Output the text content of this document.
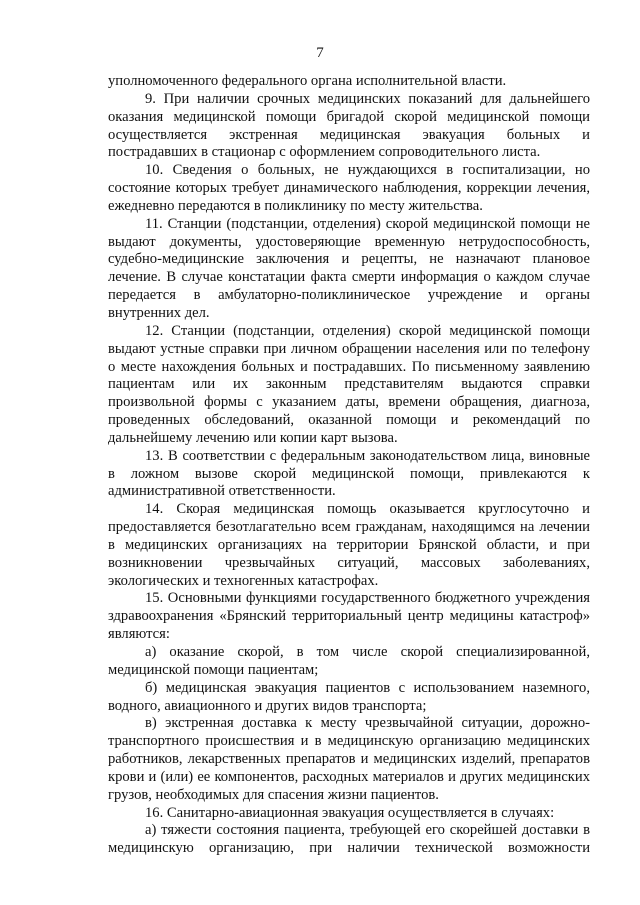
7

уполномоченного федерального органа исполнительной власти.

9. При наличии срочных медицинских показаний для дальнейшего оказания медицинской помощи бригадой скорой медицинской помощи осуществляется экстренная медицинская эвакуация больных и пострадавших в стационар с оформлением сопроводительного листа.

10. Сведения о больных, не нуждающихся в госпитализации, но состояние которых требует динамического наблюдения, коррекции лечения, ежедневно передаются в поликлинику по месту жительства.

11. Станции (подстанции, отделения) скорой медицинской помощи не выдают документы, удостоверяющие временную нетрудоспособность, судебно-медицинские заключения и рецепты, не назначают плановое лечение. В случае констатации факта смерти информация о каждом случае передается в амбулаторно-поликлиническое учреждение и органы внутренних дел.

12. Станции (подстанции, отделения) скорой медицинской помощи выдают устные справки при личном обращении населения или по телефону о месте нахождения больных и пострадавших. По письменному заявлению пациентам или их законным представителям выдаются справки произвольной формы с указанием даты, времени обращения, диагноза, проведенных обследований, оказанной помощи и рекомендаций по дальнейшему лечению или копии карт вызова.

13. В соответствии с федеральным законодательством лица, виновные в ложном вызове скорой медицинской помощи, привлекаются к административной ответственности.

14. Скорая медицинская помощь оказывается круглосуточно и предоставляется безотлагательно всем гражданам, находящимся на лечении в медицинских организациях на территории Брянской области, и при возникновении чрезвычайных ситуаций, массовых заболеваниях, экологических и техногенных катастрофах.

15. Основными функциями государственного бюджетного учреждения здравоохранения «Брянский территориальный центр медицины катастроф» являются:

а) оказание скорой, в том числе скорой специализированной, медицинской помощи пациентам;

б) медицинская эвакуация пациентов с использованием наземного, водного, авиационного и других видов транспорта;

в) экстренная доставка к месту чрезвычайной ситуации, дорожно-транспортного происшествия и в медицинскую организацию медицинских работников, лекарственных препаратов и медицинских изделий, препаратов крови и (или) ее компонентов, расходных материалов и других медицинских грузов, необходимых для спасения жизни пациентов.

16. Санитарно-авиационная эвакуация осуществляется в случаях:

а) тяжести состояния пациента, требующей его скорейшей доставки в медицинскую организацию, при наличии технической возможности
